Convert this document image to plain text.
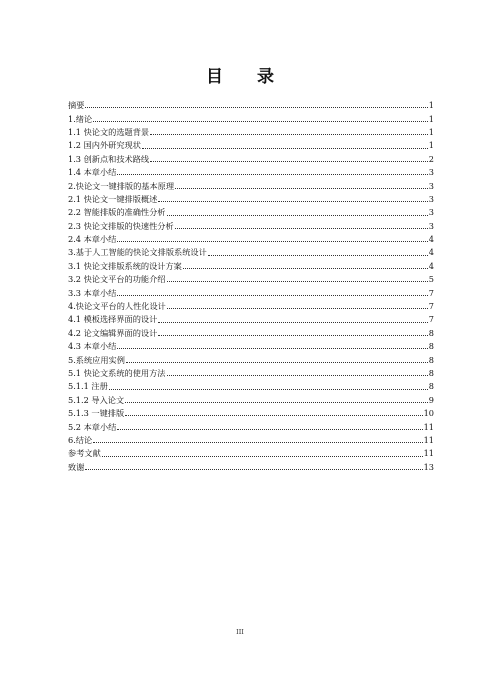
目 录
摘要	1
1.绪论	1
1.1 快论文的选题背景	1
1.2 国内外研究现状	1
1.3 创新点和技术路线	2
1.4 本章小结	3
2.快论文一键排版的基本原理	3
2.1 快论文一键排版概述	3
2.2 智能排版的准确性分析	3
2.3 快论文排版的快速性分析	3
2.4 本章小结	4
3.基于人工智能的快论文排版系统设计	4
3.1 快论文排版系统的设计方案	4
3.2 快论文平台的功能介绍	5
3.3 本章小结	7
4.快论文平台的人性化设计	7
4.1 模板选择界面的设计	7
4.2 论文编辑界面的设计	8
4.3 本章小结	8
5.系统应用实例	8
5.1 快论文系统的使用方法	8
5.1.1 注册	8
5.1.2 导入论文	9
5.1.3 一键排版	10
5.2 本章小结	11
6.结论	11
参考文献	11
致谢	13
III
